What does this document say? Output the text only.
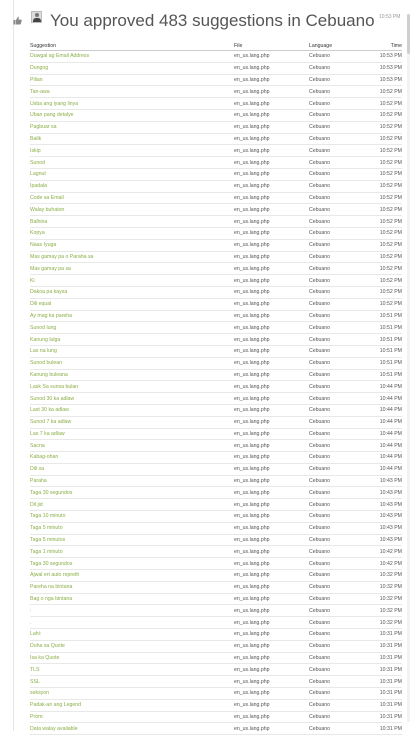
You approved 483 suggestions in Cebuano 10:53 PM
Suggestion	File	Language	Time
Duwgal ag Email Address	en_us.lang.php	Cebuano	10:53 PM
Dungog	en_us.lang.php	Cebuano	10:53 PM
Pilian	en_us.lang.php	Cebuano	10:53 PM
Tan-awa	en_us.lang.php	Cebuano	10:52 PM
Usba ang iyang linya	en_us.lang.php	Cebuano	10:52 PM
Uban pang detalye	en_us.lang.php	Cebuano	10:52 PM
Pagbuar sa	en_us.lang.php	Cebuano	10:52 PM
Balik	en_us.lang.php	Cebuano	10:52 PM
Iskip	en_us.lang.php	Cebuano	10:52 PM
Sunod	en_us.lang.php	Cebuano	10:52 PM
Lagnut	en_us.lang.php	Cebuano	10:52 PM
Ipadala	en_us.lang.php	Cebuano	10:52 PM
Code sa Email	en_us.lang.php	Cebuano	10:52 PM
Walay buhaton	en_us.lang.php	Cebuano	10:52 PM
Balhina	en_us.lang.php	Cebuano	10:52 PM
Kopya	en_us.lang.php	Cebuano	10:52 PM
Naas Iyuga	en_us.lang.php	Cebuano	10:52 PM
Mas gamay pa o Paraha sa	en_us.lang.php	Cebuano	10:52 PM
Mas gamay pa sa	en_us.lang.php	Cebuano	10:52 PM
Ki	en_us.lang.php	Cebuano	10:52 PM
Dakoa pa kaysa	en_us.lang.php	Cebuano	10:52 PM
Dili equal	en_us.lang.php	Cebuano	10:52 PM
Ay mag ka pareha	en_us.lang.php	Cebuano	10:51 PM
Sunod lung	en_us.lang.php	Cebuano	10:51 PM
Kanung lulga	en_us.lang.php	Cebuano	10:51 PM
Las na lung	en_us.lang.php	Cebuano	10:51 PM
Sunod bulean	en_us.lang.php	Cebuano	10:51 PM
Kanung buleana	en_us.lang.php	Cebuano	10:51 PM
Lask Sa sunsa bulan	en_us.lang.php	Cebuano	10:44 PM
Sunod 30 ka adlaw	en_us.lang.php	Cebuano	10:44 PM
Last 30 ka adlaw	en_us.lang.php	Cebuano	10:44 PM
Sunod 7 ka adlaw	en_us.lang.php	Cebuano	10:44 PM
Las 7 ka adlaw	en_us.lang.php	Cebuano	10:44 PM
Sacna	en_us.lang.php	Cebuano	10:44 PM
Kabag-ohan	en_us.lang.php	Cebuano	10:44 PM
Dili sa	en_us.lang.php	Cebuano	10:44 PM
Paraha	en_us.lang.php	Cebuano	10:43 PM
Taga 30 segundos	en_us.lang.php	Cebuano	10:43 PM
Dil jid	en_us.lang.php	Cebuano	10:43 PM
Taga 10 minuto	en_us.lang.php	Cebuano	10:43 PM
Taga 5 minuto	en_us.lang.php	Cebuano	10:43 PM
Taga 5 minutos	en_us.lang.php	Cebuano	10:43 PM
Taga 1 minuto	en_us.lang.php	Cebuano	10:42 PM
Taga 30 segundos	en_us.lang.php	Cebuano	10:42 PM
Ajwal ert auto repreth	en_us.lang.php	Cebuano	10:32 PM
Pareha na bintana	en_us.lang.php	Cebuano	10:32 PM
Bag o nga bintana	en_us.lang.php	Cebuano	10:32 PM
:	en_us.lang.php	Cebuano	10:32 PM
.	en_us.lang.php	Cebuano	10:32 PM
Lahi:	en_us.lang.php	Cebuano	10:31 PM
Duha sa Quote	en_us.lang.php	Cebuano	10:31 PM
Isa ka Quote	en_us.lang.php	Cebuano	10:31 PM
TLS	en_us.lang.php	Cebuano	10:31 PM
SSL	en_us.lang.php	Cebuano	10:31 PM
seksyon	en_us.lang.php	Cebuano	10:31 PM
Padak-an ang Legend	en_us.lang.php	Cebuano	10:31 PM
Prom:	en_us.lang.php	Cebuano	10:31 PM
Data walay available	en_us.lang.php	Cebuano	10:31 PM
